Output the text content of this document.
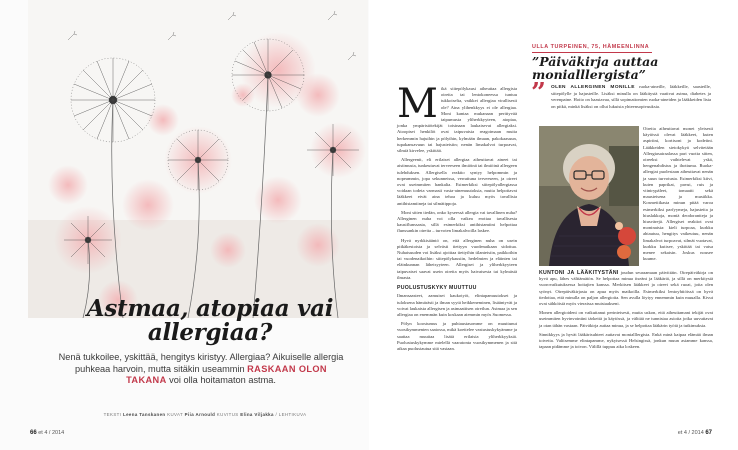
Astmaa, atopiaa vai allergiaa?

Nenä tukkoilee, yskittää, hengitys kiristyy. Allergiaa? Aikuiselle allergia puhkeaa harvoin, mutta sitäkin useammin RASKAAN OLON TAKANA voi olla hoitamaton astma.

TEKSTI Leena Tanskanen KUVAT Piia Arnould KUVITUS Elina Viljakka / LEHTIKUVA
66 et 4 / 2014

M ikä siitepölykausi aiheuttaa allergisia oireita tai lentokoneessa tuntuu tukkoiselta, vaikkei allergiaa virallisesti ole? Aina ylihenkkyys ei ole allergiaa. Moni kantaa mukanaan perittyvää taipumusta yliherkkyyteen, atopiaa, jonka ympäristötekijät toisinaan laukaisevat allergiaksi. Atoopiset henkilöt ovat taipuvaisia reagoimaan muita herkemmin hajuihin ja pölyihin, kylmään ilmaan, pakokaasuun, tupakansavuun tai hajusteisiin; nenän limakalvot turpoavat, silmiä kirvelee, yskittää.

Allergeenit, eli erilaiset allergiaa aiheuttavat aineet tai aistimusta, tunkeutuvat terveeseen ilmiöinä tai ilmiöinä allergeen tulehduksen. Allergisella reaktio syntyy helpommin ja nopeammin, jopa sekunneissa, verrattuna terveeseen, ja oireet ovat useimmiten hankalia. Esimerkiksi siitepölyallergiassa voidaan todeta varmasti vasta-ainemuutoksia, mutta helpottavat lääkkeet eivät aina tehoa ja kuluu myös tavallisia antihistamiineja tai silmätippoja.

Moni sitten tiedän, onko kyseessä allergia vai tavallinen nuha? Allerginen nuha voi olla vaikea erottaa tavallisesta kausiflunssasta, sillä esimerkiksi antihistamiini helpottaa flunssankin oireita – turvoten limakalvoilla laskee.

Hyvä nyrkkisääntö on, että allerginen nuha on usein pitkäkestoista ja selvästi tiettyyn vuodenaikaan sidottua. Nuhaisuuden voi lisäksi ajoittaa tiettyihin tilanteisiin, paikkoihin tai vuodenaikoihin: siitepölykausiin, hedelmien ja eläinten tai eläinkunnan läheisyyteen. Allergiset ja yliherkkyyteen taipuvaiset saavat usein oireita myös haivaisesta tai kylmästä ilmasta.

PUOLUSTUSKYKY MUUTTUU

Ilmansaasteet, aamuiset kaukotyöt, elintapamuutokset ja tuloksena hämärästi ja ilman syytä heikkeneminen, lisääntyvät ja voivat laukaista allergisen ja astmaattisen oireilun. Astmaa ja sen allergiaa on enemmän kuin koskaan aiemmin myös Suomessa.

Pölyn koostumus ja puhtaustasomme on muuttunut vuosikymmenten saatossa, mikä koettelee vastustuskykyämme ja saattaa muuttaa lisätä erilaisia yliherkkyyksiä. Puolustuskykymme mielellä vaaratonta vuosikymmenen ja sitä aikaa puolustautua sitä vastaan.

ULLA TURPEINEN, 75, HÄMEENLINNA
”Päiväkirja auttaa monialllergista”
” OLEN ALLERGINEN MONILLE ruoka-aineille, lääkkeille, saasteille, siitepölylle ja hajusteille. Lisäksi minulla on lääkitystä vaativat astma, diabetes ja verenpaine. Hoito on haastavaa, sillä sopimattomien ruoka-aineiden ja lääkkeiden lista on pitkä, minkä lisäksi on ollut lukuisia yhteensopivuuksia.

Oireita aiheuttavat monet yleisesti käytössä olevat lääkkeet, kuten aspiriini, kortisoni ja kodeiini. Lääkkeiden sietokykyä selvitetään Allergiasairaalassa pari vuotta sitten, oireeksi vaihtelevat yskä, hengenahdistus ja ihottuma. Ruoka-allergiat puolestaan aiheuttavat nenän ja suun turvotusta. Esimerkiksi kiivi, kuten paprikat, pavut, ruis ja viinirypäleet, tomaatti sekä mausteisena ja mustikka. Kosmetiikasta minun pitää varoa esimerkiksi parfyymeja, hajusteita ja hiuslakkoja, moniä deodorantteja ja hiusvärejä. Allergiset reaktiot ovat moninaisia: kieli turpoaa, kurkku ahtautuu, hengitys vaikeutuu, nenän limakalvot turpoavat, silmät vuotavat, kurkku kutisee, yskittää tai vatsa menee sekaisin. Joskus nousee kuume.

KUNTONI JA LÄÄKITYSTÄNI joudun seuraamaan päivittäin. Oirepäiväkirja on hyvä apu, lähes välttämätön. Se helpottaa minua itseäni ja lääkäriä, ja sillä on merkitystä vuorovaikutuksessa hoitajien kanssa. Merkitsen lääkkeet ja oireet sekä ruoat, joita olen syönyt. Oirepäiväkirjasta on apua myös matkoilla. Esimerkiksi lentoyhtiöissä on hyvä tiedottaa, että minulla on paljon allergioita. Sen avulla löytyy ennemmin kuin muualla. Kivut ovat sähköisiä myös vieraissa muistaakseni.

Monen allergioideni on vaikuttanut perinteisesti, mutta uskon, että aiheuttamani tekijät ovat useimmiten hyvinvointini tärkeitä ja käytössä, ja välttää ne tunnistaa asioita jotka uuvuttavat ja otan tähän vastaan. Päiväkirja auttaa minua, ja se helpottaa lääkärin työtä ja tutkimuksia.

Sinnikkyys ja hyvät lääkärisuhteet auttavat monialllergista. Enkä minä kaipaa elämää ilman toivetta. Valitsemme elintapamme, nykyisessä Helsingissä, jonkun muun asiamme kanssa, tapaan pidämme ja toivon. Välillä tuppuu aika loskeen.

et 4 / 2014 67
